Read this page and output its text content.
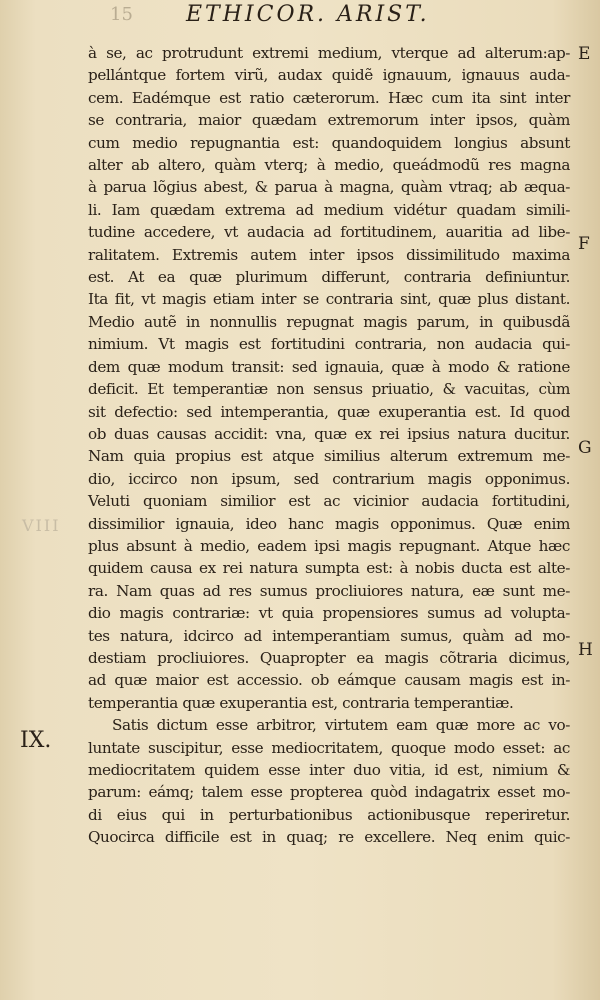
15 ETHICOR. ARIST.
à se, ac protrudunt extremi medium, vterque ad alterum:ap-
pellántque fortem virũ, audax quidẽ ignauum, ignauus auda-
cem. Eadémque est ratio cæterorum. Hæc cum ita sint inter
se contraria, maior quædam extremorum inter ipsos, quàm
cum medio repugnantia est: quandoquidem longius absunt
alter ab altero, quàm vterq; à medio, queádmodũ res magna
à parua lõgius abest, & parua à magna, quàm vtraq; ab æqua-
li. Iam quædam extrema ad medium vidétur quadam simili-
tudine accedere, vt audacia ad fortitudinem, auaritia ad libe-
ralitatem. Extremis autem inter ipsos dissimilitudo maxima
est. At ea quæ plurimum differunt, contraria definiuntur.
Ita fit, vt magis etiam inter se contraria sint, quæ plus distant.
Medio autẽ in nonnullis repugnat magis parum, in quibusdã
nimium. Vt magis est fortitudini contraria, non audacia qui-
dem quæ modum transit: sed ignauia, quæ à modo & ratione
deficit. Et temperantiæ non sensus priuatio, & vacuitas, cùm
sit defectio: sed intemperantia, quæ exuperantia est. Id quod
ob duas causas accidit: vna, quæ ex rei ipsius natura ducitur.
Nam quia propius est atque similius alterum extremum me-
dio, iccirco non ipsum, sed contrarium magis opponimus.
Veluti quoniam similior est ac vicinior audacia fortitudini,
dissimilior ignauia, ideo hanc magis opponimus. Quæ enim
plus absunt à medio, eadem ipsi magis repugnant. Atque hæc
quidem causa ex rei natura sumpta est: à nobis ducta est alte-
ra. Nam quas ad res sumus procliuiores natura, eæ sunt me-
dio magis contrariæ: vt quia propensiores sumus ad volupta-
tes natura, idcirco ad intemperantiam sumus, quàm ad mo-
destiam procliuiores. Quapropter ea magis cõtraria dicimus,
ad quæ maior est accessio. ob eámque causam magis est in-
temperantia quæ exuperantia est, contraria temperantiæ.
Satis dictum esse arbitror, virtutem eam quæ more ac vo-
luntate suscipitur, esse mediocritatem, quoque modo esset: ac
mediocritatem quidem esse inter duo vitia, id est, nimium &
parum: eámq; talem esse propterea quòd indagatrix esset mo-
di eius qui in perturbationibus actionibusque reperiretur.
Quocirca difficile est in quaq; re excellere. Neq enim quic-
E
F
G
H
VIII
IX.
